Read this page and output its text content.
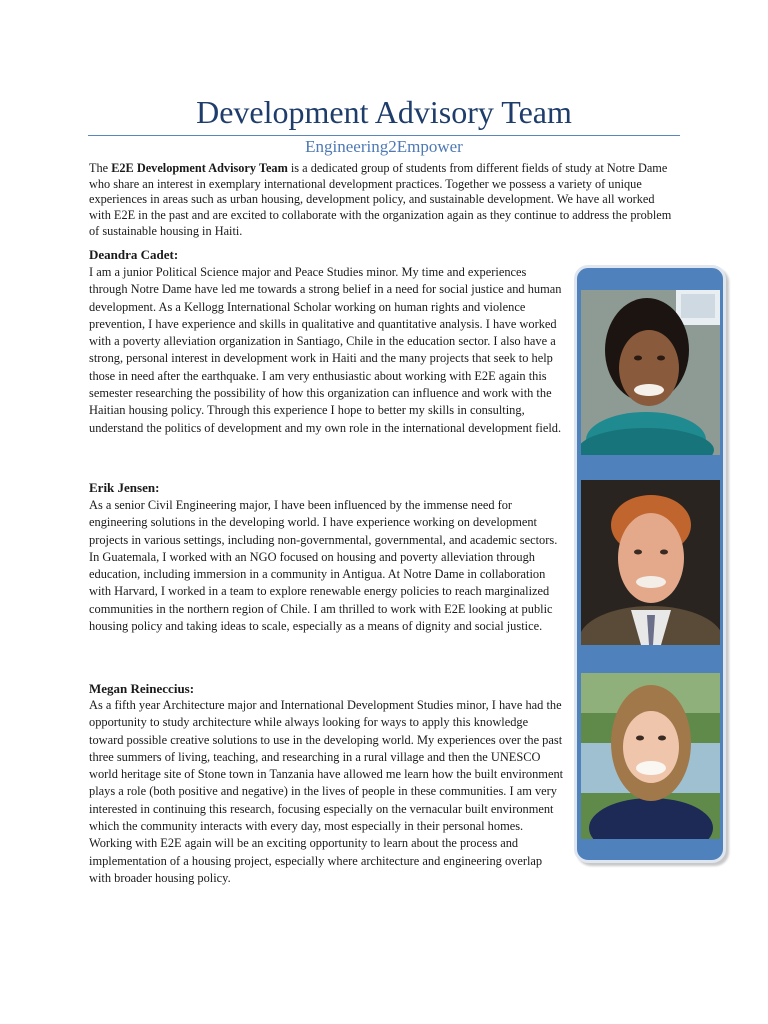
Development Advisory Team
Engineering2Empower

The E2E Development Advisory Team is a dedicated group of students from different fields of study at Notre Dame who share an interest in exemplary international development practices. Together we possess a variety of unique experiences in areas such as urban housing, development policy, and sustainable development. We have all worked with E2E in the past and are excited to collaborate with the organization again as they continue to address the problem of sustainable housing in Haiti.

Deandra Cadet:

I am a junior Political Science major and Peace Studies minor. My time and experiences through Notre Dame have led me towards a strong belief in a need for social justice and human development. As a Kellogg International Scholar working on human rights and violence prevention, I have experience and skills in qualitative and quantitative analysis. I have worked with a poverty alleviation organization in Santiago, Chile in the education sector. I also have a strong, personal interest in development work in Haiti and the many projects that seek to help those in need after the earthquake. I am very enthusiastic about working with E2E again this semester researching the possibility of how this organization can influence and work with the Haitian housing policy. Through this experience I hope to better my skills in consulting, understand the politics of development and my own role in the international development field.

Erik Jensen:

As a senior Civil Engineering major, I have been influenced by the immense need for engineering solutions in the developing world. I have experience working on development projects in various settings, including non-governmental, governmental, and academic sectors. In Guatemala, I worked with an NGO focused on housing and poverty alleviation through education, including immersion in a community in Antigua. At Notre Dame in collaboration with Harvard, I worked in a team to explore renewable energy policies to reach marginalized communities in the northern region of Chile. I am thrilled to work with E2E looking at public housing policy and taking ideas to scale, especially as a means of dignity and social justice.

Megan Reineccius:

As a fifth year Architecture major and International Development Studies minor, I have had the opportunity to study architecture while always looking for ways to apply this knowledge toward possible creative solutions to use in the developing world. My experiences over the past three summers of living, teaching, and researching in a rural village and then the UNESCO world heritage site of Stone town in Tanzania have allowed me learn how the built environment plays a role (both positive and negative) in the lives of people in these communities. I am very interested in continuing this research, focusing especially on the vernacular built environment which the community interacts with every day, most especially in their personal homes. Working with E2E again will be an exciting opportunity to learn about the process and implementation of a housing project, especially where architecture and engineering overlap with broader housing policy.
